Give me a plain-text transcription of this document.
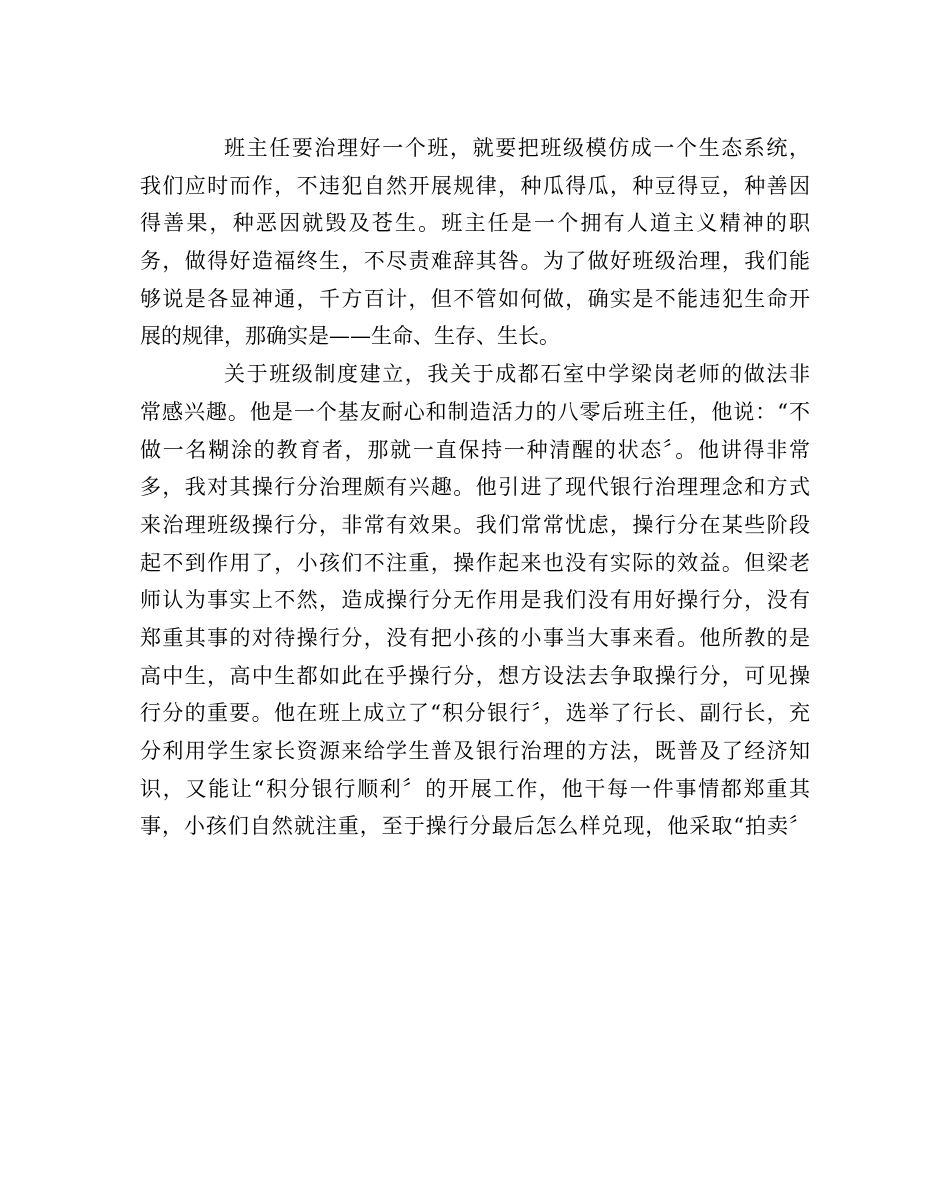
班主任要治理好一个班，就要把班级模仿成一个生态系统，
我们应时而作，不违犯自然开展规律，种瓜得瓜，种豆得豆，种善因
得善果，种恶因就毁及苍生。班主任是一个拥有人道主义精神的职
务，做得好造福终生，不尽责难辞其咎。为了做好班级治理，我们能
够说是各显神通，千方百计，但不管如何做，确实是不能违犯生命开
展的规律，那确实是——生命、生存、生长。
关于班级制度建立，我关于成都石室中学梁岗老师的做法非
常感兴趣。他是一个基友耐心和制造活力的八零后班主任，他说：“不
做一名糊涂的教育者，那就一直保持一种清醒的状态〞。他讲得非常
多，我对其操行分治理颇有兴趣。他引进了现代银行治理理念和方式
来治理班级操行分，非常有效果。我们常常忧虑，操行分在某些阶段
起不到作用了，小孩们不注重，操作起来也没有实际的效益。但梁老
师认为事实上不然，造成操行分无作用是我们没有用好操行分，没有
郑重其事的对待操行分，没有把小孩的小事当大事来看。他所教的是
高中生，高中生都如此在乎操行分，想方设法去争取操行分，可见操
行分的重要。他在班上成立了“积分银行〞，选举了行长、副行长，充
分利用学生家长资源来给学生普及银行治理的方法，既普及了经济知
识，又能让“积分银行顺利〞的开展工作，他干每一件事情都郑重其
事，小孩们自然就注重，至于操行分最后怎么样兑现，他采取“拍卖〞
